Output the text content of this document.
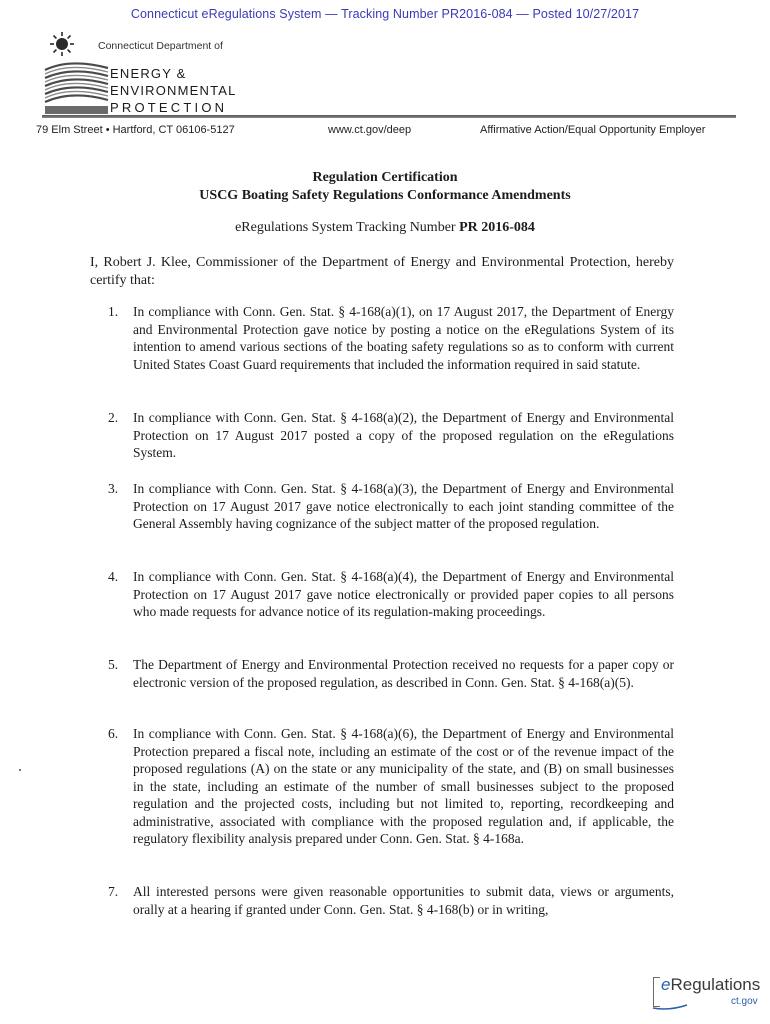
Connecticut eRegulations System — Tracking Number PR2016-084 — Posted 10/27/2017
Connecticut Department of
ENERGY &
ENVIRONMENTAL
PROTECTION
79 Elm Street • Hartford, CT 06106-5127	www.ct.gov/deep	Affirmative Action/Equal Opportunity Employer
Regulation Certification
USCG Boating Safety Regulations Conformance Amendments
eRegulations System Tracking Number PR 2016-084
I, Robert J. Klee, Commissioner of the Department of Energy and Environmental Protection, hereby certify that:
1.	In compliance with Conn. Gen. Stat. § 4-168(a)(1), on 17 August 2017, the Department of Energy and Environmental Protection gave notice by posting a notice on the eRegulations System of its intention to amend various sections of the boating safety regulations so as to conform with current United States Coast Guard requirements that included the information required in said statute.
2.	In compliance with Conn. Gen. Stat. § 4-168(a)(2), the Department of Energy and Environmental Protection on 17 August 2017 posted a copy of the proposed regulation on the eRegulations System.
3.	In compliance with Conn. Gen. Stat. § 4-168(a)(3), the Department of Energy and Environmental Protection on 17 August 2017 gave notice electronically to each joint standing committee of the General Assembly having cognizance of the subject matter of the proposed regulation.
4.	In compliance with Conn. Gen. Stat. § 4-168(a)(4), the Department of Energy and Environmental Protection on 17 August 2017 gave notice electronically or provided paper copies to all persons who made requests for advance notice of its regulation-making proceedings.
5.	The Department of Energy and Environmental Protection received no requests for a paper copy or electronic version of the proposed regulation, as described in Conn. Gen. Stat. § 4-168(a)(5).
6.	In compliance with Conn. Gen. Stat. § 4-168(a)(6), the Department of Energy and Environmental Protection prepared a fiscal note, including an estimate of the cost or of the revenue impact of the proposed regulations (A) on the state or any municipality of the state, and (B) on small businesses in the state, including an estimate of the number of small businesses subject to the proposed regulation and the projected costs, including but not limited to, reporting, recordkeeping and administrative, associated with compliance with the proposed regulation and, if applicable, the regulatory flexibility analysis prepared under Conn. Gen. Stat. § 4-168a.
7.	All interested persons were given reasonable opportunities to submit data, views or arguments, orally at a hearing if granted under Conn. Gen. Stat. § 4-168(b) or in writing,
eRegulations
ct.gov
